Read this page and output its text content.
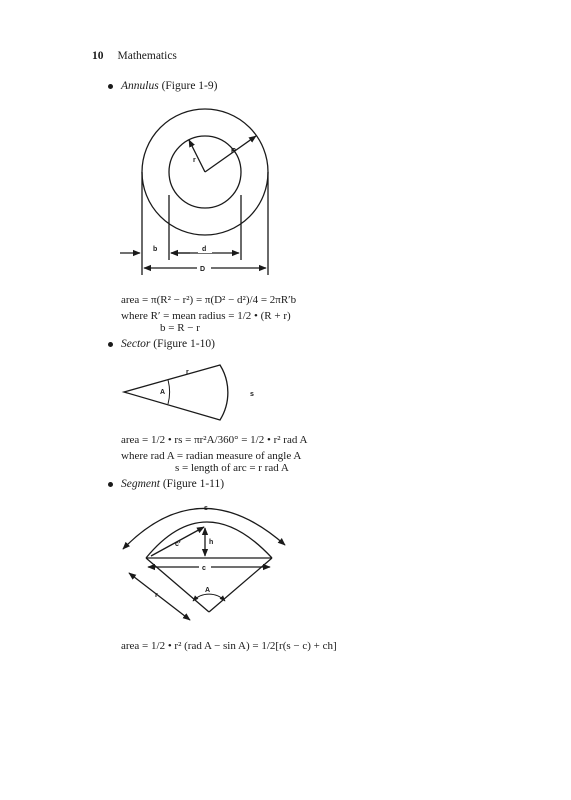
10 Mathematics
Annulus (Figure 1-9)
R
r
b	d
D
r
A	s
s
c′	h
c
A
r
area = π(R² − r²) = π(D² − d²)/4 = 2πR′b
where R′ = mean radius = 1/2 • (R + r)
b = R − r
Sector (Figure 1-10)
area = 1/2 • rs = πr²A/360° = 1/2 • r² rad A
where rad A = radian measure of angle A
s = length of arc = r rad A
Segment (Figure 1-11)
area = 1/2 • r² (rad A − sin A) = 1/2[r(s − c) + ch]
